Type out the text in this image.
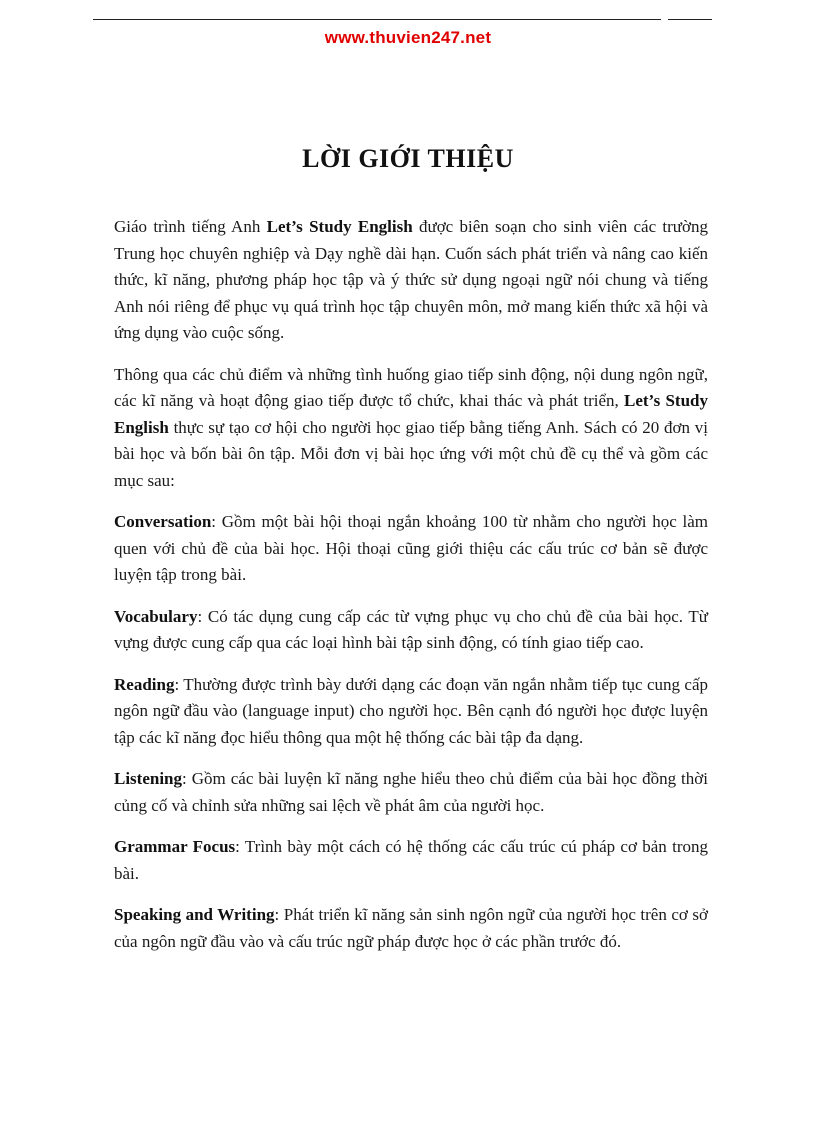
www.thuvien247.net
LỜI GIỚI THIỆU

Giáo trình tiếng Anh Let’s Study English được biên soạn cho sinh viên các trường Trung học chuyên nghiệp và Dạy nghề dài hạn. Cuốn sách phát triển và nâng cao kiến thức, kĩ năng, phương pháp học tập và ý thức sử dụng ngoại ngữ nói chung và tiếng Anh nói riêng để phục vụ quá trình học tập chuyên môn, mở mang kiến thức xã hội và ứng dụng vào cuộc sống.

Thông qua các chủ điểm và những tình huống giao tiếp sinh động, nội dung ngôn ngữ, các kĩ năng và hoạt động giao tiếp được tổ chức, khai thác và phát triển, Let’s Study English thực sự tạo cơ hội cho người học giao tiếp bằng tiếng Anh. Sách có 20 đơn vị bài học và bốn bài ôn tập. Mỗi đơn vị bài học ứng với một chủ đề cụ thể và gồm các mục sau:

Conversation: Gồm một bài hội thoại ngắn khoảng 100 từ nhằm cho người học làm quen với chủ đề của bài học. Hội thoại cũng giới thiệu các cấu trúc cơ bản sẽ được luyện tập trong bài.

Vocabulary: Có tác dụng cung cấp các từ vựng phục vụ cho chủ đề của bài học. Từ vựng được cung cấp qua các loại hình bài tập sinh động, có tính giao tiếp cao.

Reading: Thường được trình bày dưới dạng các đoạn văn ngắn nhằm tiếp tục cung cấp ngôn ngữ đầu vào (language input) cho người học. Bên cạnh đó người học được luyện tập các kĩ năng đọc hiểu thông qua một hệ thống các bài tập đa dạng.

Listening: Gồm các bài luyện kĩ năng nghe hiểu theo chủ điểm của bài học đồng thời củng cố và chỉnh sửa những sai lệch về phát âm của người học.

Grammar Focus: Trình bày một cách có hệ thống các cấu trúc cú pháp cơ bản trong bài.

Speaking and Writing: Phát triển kĩ năng sản sinh ngôn ngữ của người học trên cơ sở của ngôn ngữ đầu vào và cấu trúc ngữ pháp được học ở các phần trước đó.
